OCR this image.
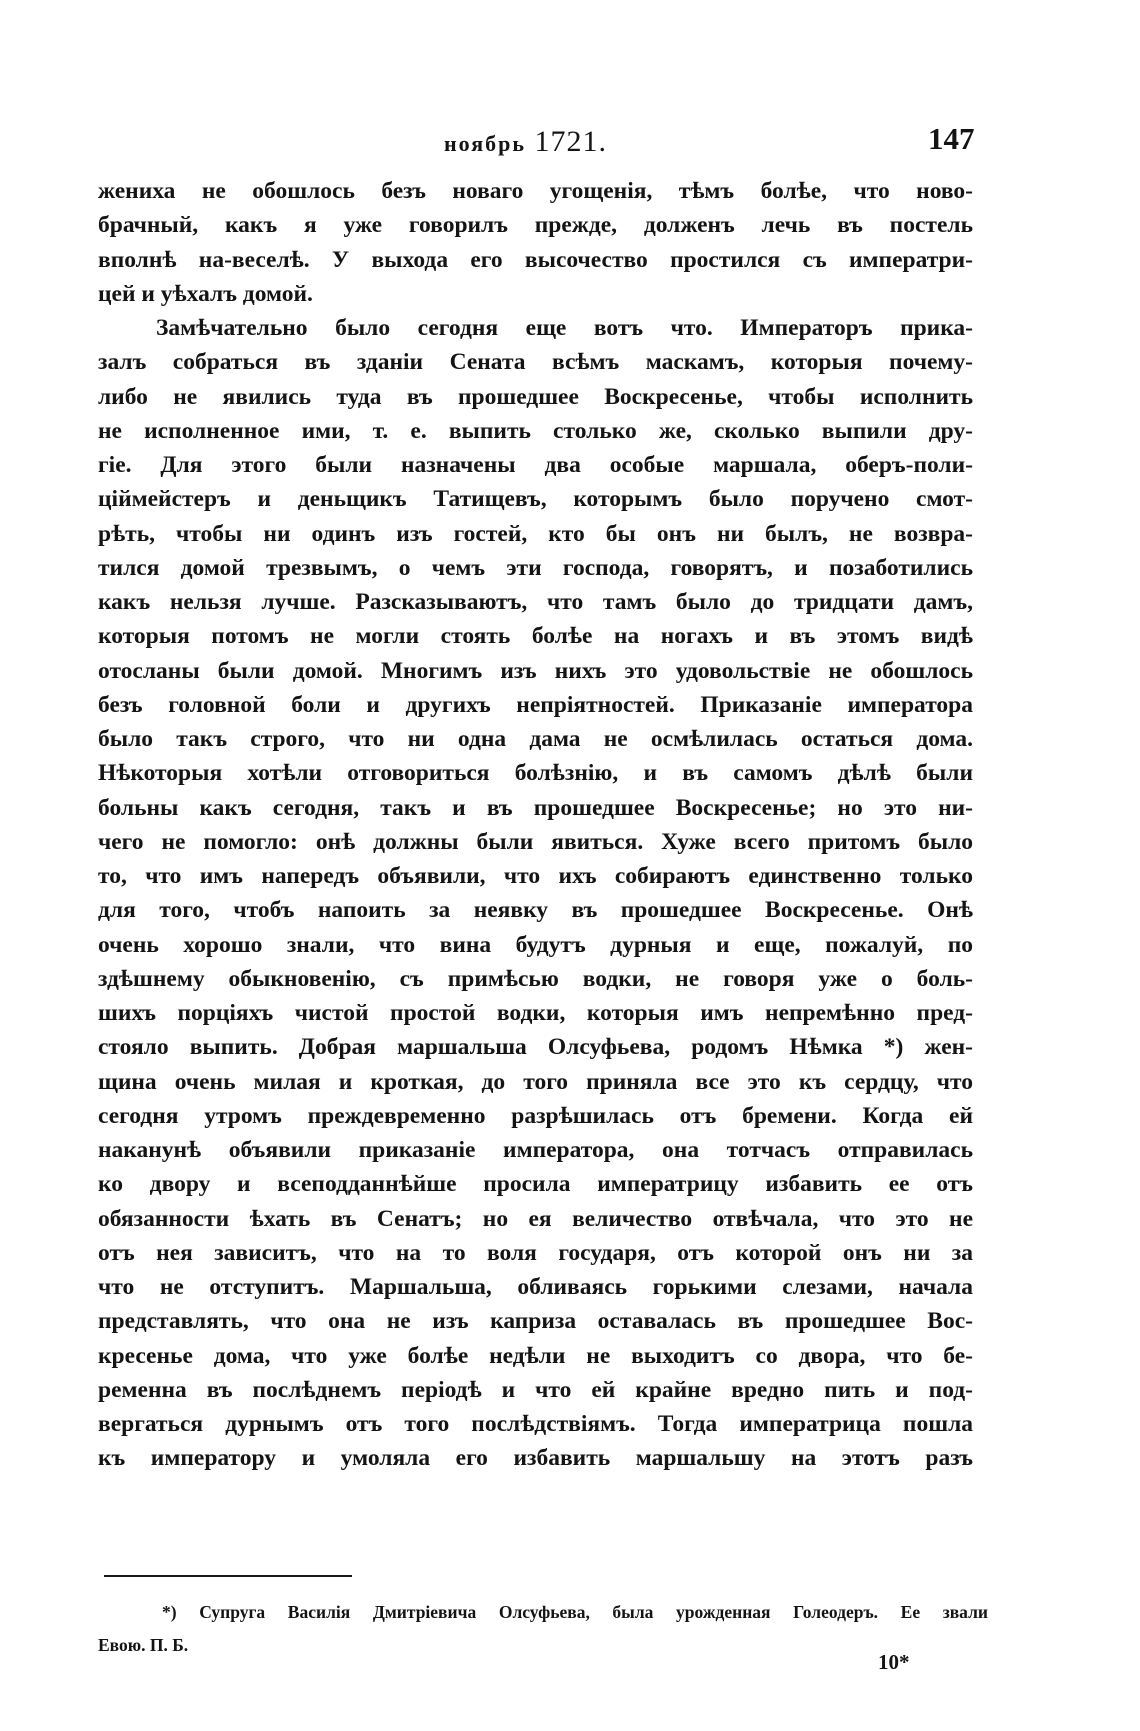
ноябрь 1721.	147
жениха не обошлось безъ новаго угощенія, тѣмъ болѣе, что ново-
брачный, какъ я уже говорилъ прежде, долженъ лечь въ постель
вполнѣ на-веселѣ. У выхода его высочество простился съ императри-
цей и уѣхалъ домой.
Замѣчательно было сегодня еще вотъ что. Императоръ прика-
залъ собраться въ зданіи Сената всѣмъ маскамъ, которыя почему-
либо не явились туда въ прошедшее Воскресенье, чтобы исполнить
не исполненное ими, т. е. выпить столько же, сколько выпили дру-
гіе. Для этого были назначены два особые маршала, оберъ-поли-
цiймейстеръ и деньщикъ Татищевъ, которымъ было поручено смот-
рѣть, чтобы ни одинъ изъ гостей, кто бы онъ ни былъ, не возвра-
тился домой трезвымъ, о чемъ эти господа, говорятъ, и позаботились
какъ нельзя лучше. Разсказываютъ, что тамъ было до тридцати дамъ,
которыя потомъ не могли стоять болѣе на ногахъ и въ этомъ видѣ
отосланы были домой. Многимъ изъ нихъ это удовольствіе не обошлось
безъ головной боли и другихъ непріятностей. Приказаніе императора
было такъ строго, что ни одна дама не осмѣлилась остаться дома.
Нѣкоторыя хотѣли отговориться болѣзнію, и въ самомъ дѣлѣ были
больны какъ сегодня, такъ и въ прошедшее Воскресенье; но это ни-
чего не помогло: онѣ должны были явиться. Хуже всего притомъ было
то, что имъ напередъ объявили, что ихъ собираютъ единственно только
для того, чтобъ напоить за неявку въ прошедшее Воскресенье. Онѣ
очень хорошо знали, что вина будутъ дурныя и еще, пожалуй, по
здѣшнему обыкновенію, съ примѣсью водки, не говоря уже о боль-
шихъ порціяхъ чистой простой водки, которыя имъ непремѣнно пред-
стояло выпить. Добрая маршальша Олсуфьева, родомъ Нѣмка *) жен-
щина очень милая и кроткая, до того приняла все это къ сердцу, что
сегодня утромъ преждевременно разрѣшилась отъ бремени. Когда ей
наканунѣ объявили приказаніе императора, она тотчасъ отправилась
ко двору и всеподданнѣйше просила императрицу избавить ее отъ
обязанности ѣхать въ Сенатъ; но ея величество отвѣчала, что это не
отъ нея зависитъ, что на то воля государя, отъ которой онъ ни за
что не отступитъ. Маршальша, обливаясь горькими слезами, начала
представлять, что она не изъ каприза оставалась въ прошедшее Вос-
кресенье дома, что уже болѣе недѣли не выходитъ со двора, что бе-
ременна въ послѣднемъ періодѣ и что ей крайне вредно пить и под-
вергаться дурнымъ отъ того послѣдствіямъ. Тогда императрица пошла
къ императору и умоляла его избавить маршальшу на этотъ разъ
*) Супруга Василія Дмитріевича Олсуфьева, была урожденная Голеодеръ. Ее звали
Евою. П. Б.
10*
